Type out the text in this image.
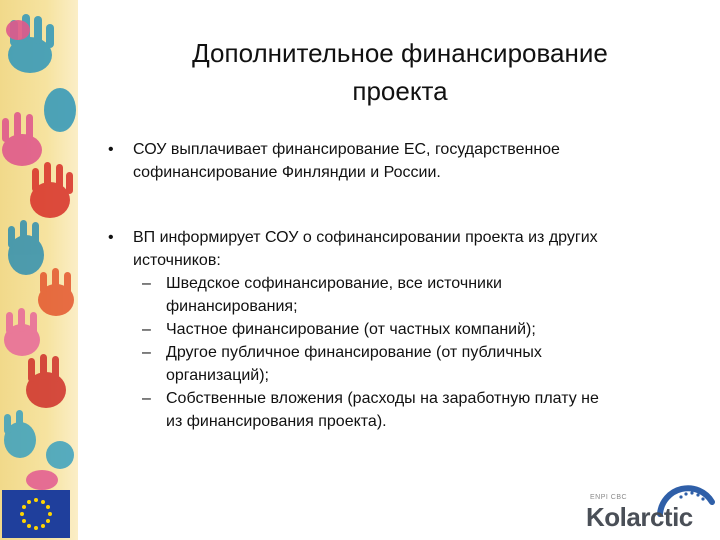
Дополнительное финансирование
проекта
•	СОУ выплачивает финансирование ЕС, государственное
софинансирование Финляндии и России.
•	ВП информирует СОУ о софинансировании проекта из других
источников:
– Шведское софинансирование, все источники
финансирования;
– Частное финансирование (от частных компаний);
– Другое публичное финансирование (от публичных
организаций);
– Собственные вложения (расходы на заработную плату не
из финансирования проекта).
ENPI CBC
Kolarctic
